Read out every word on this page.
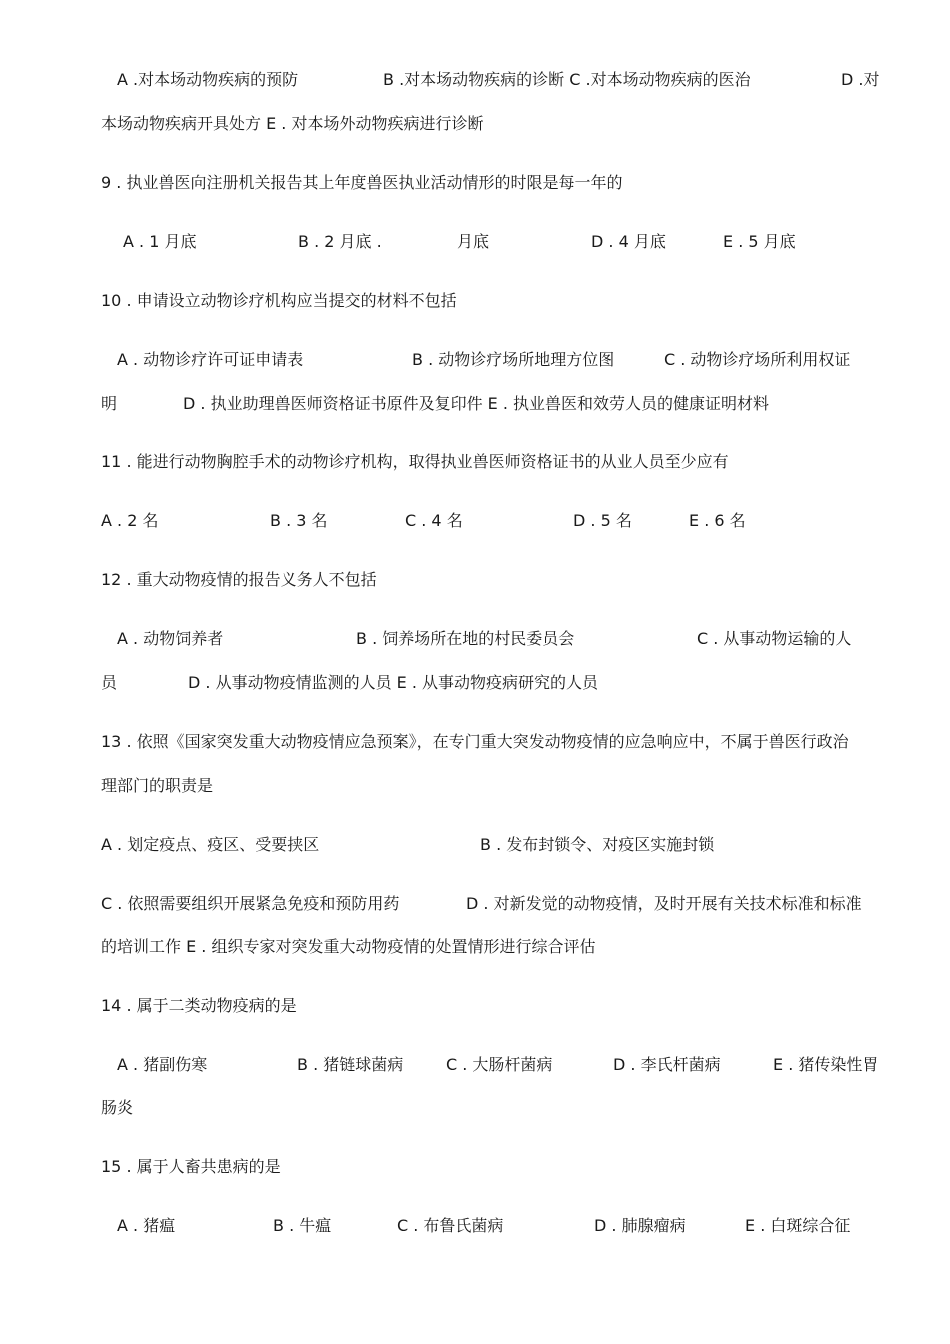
A .对本场动物疾病的预防	B .对本场动物疾病的诊断 C .对本场动物疾病的医治	D .对
本场动物疾病开具处方 E . 对本场外动物疾病进行诊断
9 . 执业兽医向注册机关报告其上年度兽医执业活动情形的时限是每一年的
A . 1 月底	B . 2 月底 .	月底	D . 4 月底	E . 5 月底
10 . 申请设立动物诊疗机构应当提交的材料不包括
A . 动物诊疗许可证申请表	B . 动物诊疗场所地理方位图	C . 动物诊疗场所利用权证
明	D . 执业助理兽医师资格证书原件及复印件 E . 执业兽医和效劳人员的健康证明材料
11 . 能进行动物胸腔手术的动物诊疗机构，取得执业兽医师资格证书的从业人员至少应有
A . 2 名	B . 3 名	C . 4 名	D . 5 名	E . 6 名
12 . 重大动物疫情的报告义务人不包括
A . 动物饲养者	B . 饲养场所在地的村民委员会	C . 从事动物运输的人
员	D . 从事动物疫情监测的人员 E . 从事动物疫病研究的人员
13 . 依照《国家突发重大动物疫情应急预案》，在专门重大突发动物疫情的应急响应中，不属于兽医行政治
理部门的职责是
A . 划定疫点、疫区、受要挟区	B . 发布封锁令、对疫区实施封锁
C . 依照需要组织开展紧急免疫和预防用药	D . 对新发觉的动物疫情，及时开展有关技术标准和标准
的培训工作 E . 组织专家对突发重大动物疫情的处置情形进行综合评估
14 . 属于二类动物疫病的是
A . 猪副伤寒	B . 猪链球菌病	C . 大肠杆菌病	D . 李氏杆菌病	E . 猪传染性胃
肠炎
15 . 属于人畜共患病的是
A . 猪瘟	B . 牛瘟	C . 布鲁氏菌病	D . 肺腺瘤病	E . 白斑综合征
